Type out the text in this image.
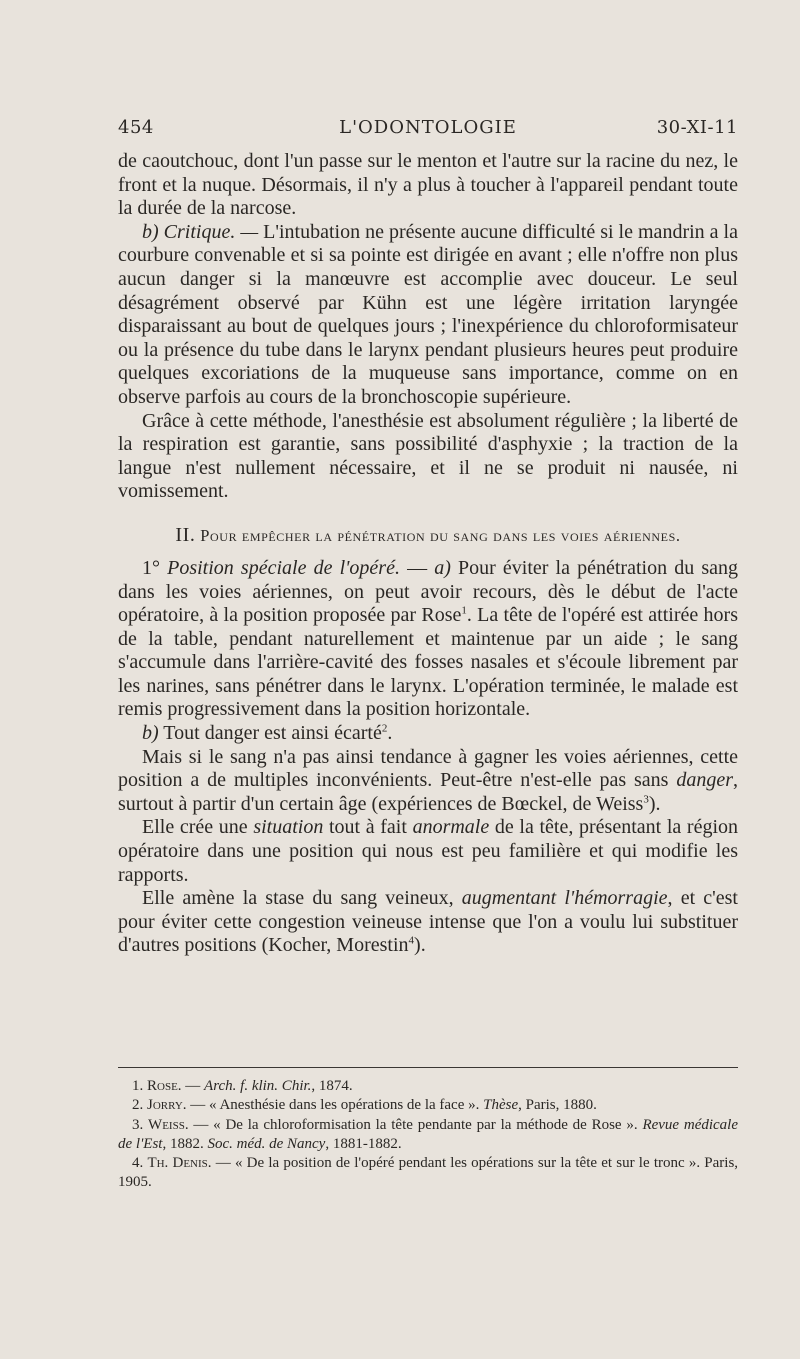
454	L'ODONTOLOGIE	30-XI-11

de caoutchouc, dont l'un passe sur le menton et l'autre sur la racine du nez, le front et la nuque. Désormais, il n'y a plus à toucher à l'appareil pendant toute la durée de la narcose.

b) Critique. — L'intubation ne présente aucune difficulté si le mandrin a la courbure convenable et si sa pointe est dirigée en avant ; elle n'offre non plus aucun danger si la manœuvre est accomplie avec douceur. Le seul désagrément observé par Kühn est une légère irritation laryngée disparaissant au bout de quelques jours ; l'inexpérience du chloroformisateur ou la présence du tube dans le larynx pendant plusieurs heures peut produire quelques excoriations de la muqueuse sans importance, comme on en observe parfois au cours de la bronchoscopie supérieure.

Grâce à cette méthode, l'anesthésie est absolument régulière ; la liberté de la respiration est garantie, sans possibilité d'asphyxie ; la traction de la langue n'est nullement nécessaire, et il ne se produit ni nausée, ni vomissement.

II. Pour empêcher la pénétration du sang dans les voies aériennes.

1° Position spéciale de l'opéré. — a) Pour éviter la pénétration du sang dans les voies aériennes, on peut avoir recours, dès le début de l'acte opératoire, à la position proposée par Rose$^1$. La tête de l'opéré est attirée hors de la table, pendant naturellement et maintenue par un aide ; le sang s'accumule dans l'arrière-cavité des fosses nasales et s'écoule librement par les narines, sans pénétrer dans le larynx. L'opération terminée, le malade est remis progressivement dans la position horizontale.

b) Tout danger est ainsi écarté$^2$.

Mais si le sang n'a pas ainsi tendance à gagner les voies aériennes, cette position a de multiples inconvénients. Peut-être n'est-elle pas sans danger, surtout à partir d'un certain âge (expériences de Bœckel, de Weiss$^3$).

Elle crée une situation tout à fait anormale de la tête, présentant la région opératoire dans une position qui nous est peu familière et qui modifie les rapports.

Elle amène la stase du sang veineux, augmentant l'hémorragie, et c'est pour éviter cette congestion veineuse intense que l'on a voulu lui substituer d'autres positions (Kocher, Morestin$^4$).

1. Rose. — Arch. f. klin. Chir., 1874.

2. Jorry. — « Anesthésie dans les opérations de la face ». Thèse, Paris, 1880.

3. Weiss. — « De la chloroformisation la tête pendante par la méthode de Rose ». Revue médicale de l'Est, 1882. Soc. méd. de Nancy, 1881-1882.

4. Th. Denis. — « De la position de l'opéré pendant les opérations sur la tête et sur le tronc ». Paris, 1905.
